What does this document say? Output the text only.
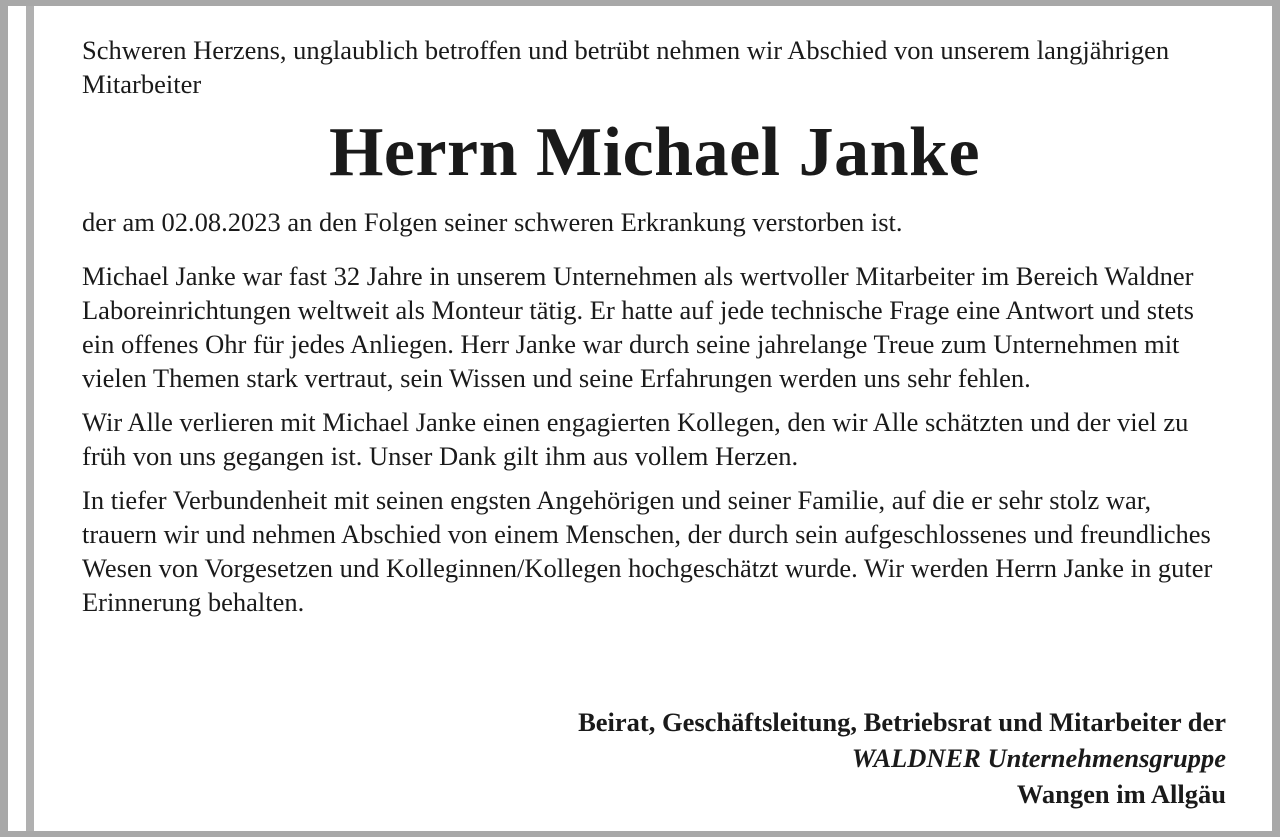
Schweren Herzens, unglaublich betroffen und betrübt nehmen wir Abschied von unserem langjährigen Mitarbeiter

Herrn Michael Janke

der am 02.08.2023 an den Folgen seiner schweren Erkrankung verstorben ist.

Michael Janke war fast 32 Jahre in unserem Unternehmen als wertvoller Mitarbeiter im Bereich Waldner Laboreinrichtungen weltweit als Monteur tätig. Er hatte auf jede technische Frage eine Antwort und stets ein offenes Ohr für jedes Anliegen. Herr Janke war durch seine jahrelange Treue zum Unternehmen mit vielen Themen stark vertraut, sein Wissen und seine Erfahrungen werden uns sehr fehlen.

Wir Alle verlieren mit Michael Janke einen engagierten Kollegen, den wir Alle schätzten und der viel zu früh von uns gegangen ist. Unser Dank gilt ihm aus vollem Herzen.

In tiefer Verbundenheit mit seinen engsten Angehörigen und seiner Familie, auf die er sehr stolz war, trauern wir und nehmen Abschied von einem Menschen, der durch sein aufgeschlossenes und freundliches Wesen von Vorgesetzen und Kolleginnen/Kollegen hochgeschätzt wurde. Wir werden Herrn Janke in guter Erinnerung behalten.

Beirat, Geschäftsleitung, Betriebsrat und Mitarbeiter der
WALDNER Unternehmensgruppe
Wangen im Allgäu
